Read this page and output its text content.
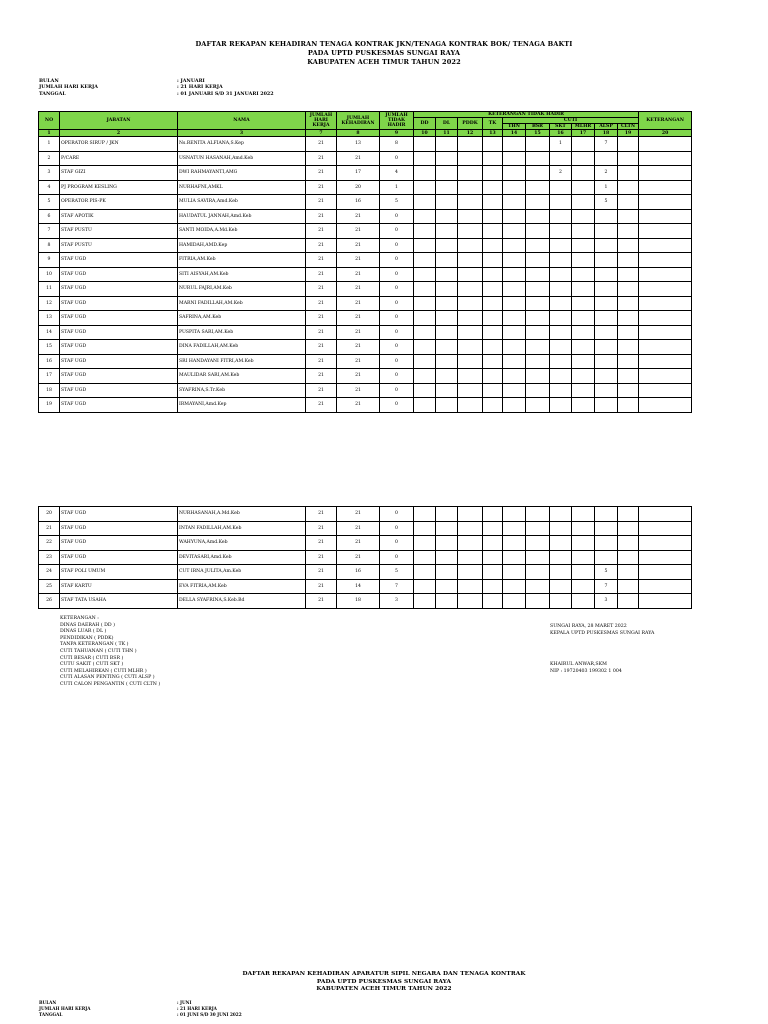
DAFTAR REKAPAN KEHADIRAN TENAGA KONTRAK JKN/TENAGA KONTRAK BOK/ TENAGA BAKTI
PADA UPTD PUSKESMAS SUNGAI RAYA
KABUPATEN ACEH TIMUR TAHUN 2022
BULAN	: JANUARI
JUMLAH HARI KERJA	: 21 HARI KERJA
TANGGAL	: 01 JANUARI S/D 31 JANUARI 2022
NO	JABATAN	NAMA	JUMLAH HARI KERJA	JUMLAH KEHADIRAN	JUMLAH TIDAK HADIR	KETERANGAN TIDAK HADIR										KETERANGAN
						DD	DL	PDDK	TK	CUTI						
										THN	BSR	SKT	MLHR	ALSP	CLTN	
1	2	3	7	8	9	10	11	12	13	14	15	16	17	18	19	20
1	OPERATOR SIRUP / JKN	Ns.RENITA ALFIANA,S.Kep	21	13	8							1		7		
2	P/CARE	USNATUN HASANAH,Amd.Keb	21	21	0											
3	STAF GIZI	DWI RAHMAYANTI,AMG	21	17	4							2		2		
4	PJ PROGRAM KESLING	NURHAFNI,AMKL	21	20	1									1		
5	OPERATOR PIS-PK	MULIA SAVIRA,Amd.Keb	21	16	5									5		
6	STAF APOTIK	HAUDATUL JANNAH,Amd.Keb	21	21	0											
7	STAF PUSTU	SANTI MOIDA,A.Md.Keb	21	21	0											
8	STAF PUSTU	HAMIDAH,AMD.Kep	21	21	0											
9	STAF UGD	FITRIA,AM.Keb	21	21	0											
10	STAF UGD	SITI AISYAH,AM.Keb	21	21	0											
11	STAF UGD	NURUL FAJRI,AM.Keb	21	21	0											
12	STAF UGD	MARNI FADILLAH,AM.Keb	21	21	0											
13	STAF UGD	SAFRINA,AM.Keb	21	21	0											
14	STAF UGD	PUSPITA SARI,AM.Keb	21	21	0											
15	STAF UGD	DINA FADILLAH,AM.Keb	21	21	0											
16	STAF UGD	SRI HANDAYANI FITRI,AM.Keb	21	21	0											
17	STAF UGD	MAULIDAR SARI,AM.Keb	21	21	0											
18	STAF UGD	SYAFRINA,S.Tr.Keb	21	21	0											
19	STAF UGD	IRMAYANI,Amd.Kep	21	21	0											
20	STAF UGD	NURHASANAH,A.Md.Keb	21	21	0											
21	STAF UGD	INTAN FADILLAH,AM.Keb	21	21	0											
22	STAF UGD	WAHYUNA,Amd.Keb	21	21	0											
23	STAF UGD	DEVITASARI,Amd.Keb	21	21	0											
24	STAF POLI UMUM	CUT IRNA JULITA,Am.Keb	21	16	5									5		
25	STAF KARTU	EVA FITRIA,AM.Keb	21	14	7									7		
26	STAF TATA USAHA	DELLA SYAFRINA,S.Keb.Bd	21	18	3									3		
KETERANGAN :
DINAS DAERAH ( DD )
DINAS LUAR ( DL )
PENDIDIKAN ( PDDK)
TANPA KETERANGAN ( TK )
CUTI TAHUANAN ( CUTI THN )
CUTI BESAR ( CUTI BSR )
CUTU SAKIT ( CUTI SKT )
CUTI MELAHIRKAN ( CUTI MLHR )
CUTI ALASAN PENTING ( CUTI ALSP )
CUTI CALON PENGANTIN ( CUTI CLTN )
SUNGAI RAYA, 28 MARET 2022
KEPALA UPTD PUSKESMAS SUNGAI RAYA
KHAIRUL ANWAR,SKM
NIP : 19720403 199302 1 004
DAFTAR REKAPAN KEHADIRAN APARATUR SIPIL NEGARA DAN TENAGA KONTRAK
PADA UPTD PUSKESMAS SUNGAI RAYA
KABUPATEN ACEH TIMUR TAHUN 2022
BULAN	: JUNI
JUMLAH HARI KERJA	: 21 HARI KERJA
TANGGAL	: 01 JUNI S/D 30 JUNI 2022
